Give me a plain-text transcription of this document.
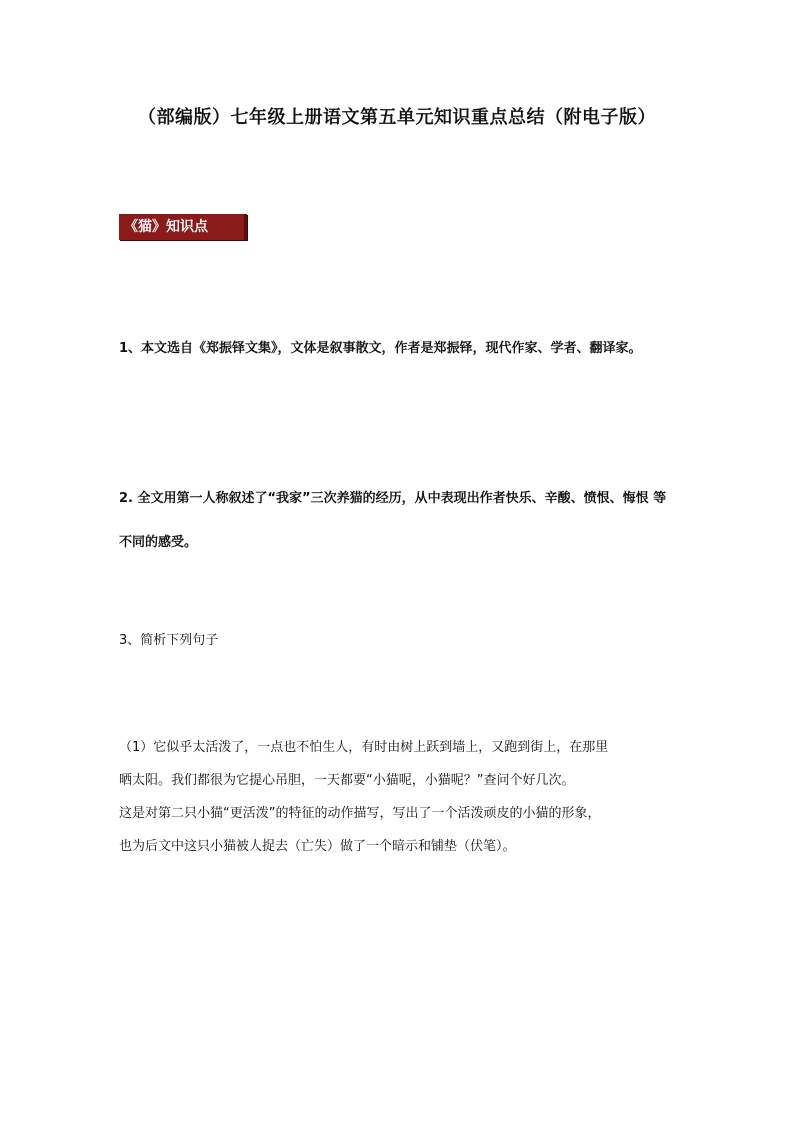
（部编版）七年级上册语文第五单元知识重点总结（附电子版）
《猫》知识点

1、本文选自《郑振铎文集》，文体是叙事散文，作者是郑振铎，现代作家、学者、翻译家。

2. 全文用第一人称叙述了“我家”三次养猫的经历，从中表现出作者快乐、辛酸、愤恨、悔恨 等不同的感受。

3、简析下列句子

（1）它似乎太活泼了，一点也不怕生人，有时由树上跃到墙上，又跑到街上，在那里
晒太阳。我们都很为它提心吊胆，一天都要“小猫呢，小猫呢？”查问个好几次。
这是对第二只小猫“更活泼”的特征的动作描写，写出了一个活泼顽皮的小猫的形象，
也为后文中这只小猫被人捉去（亡失）做了一个暗示和铺垫（伏笔）。
